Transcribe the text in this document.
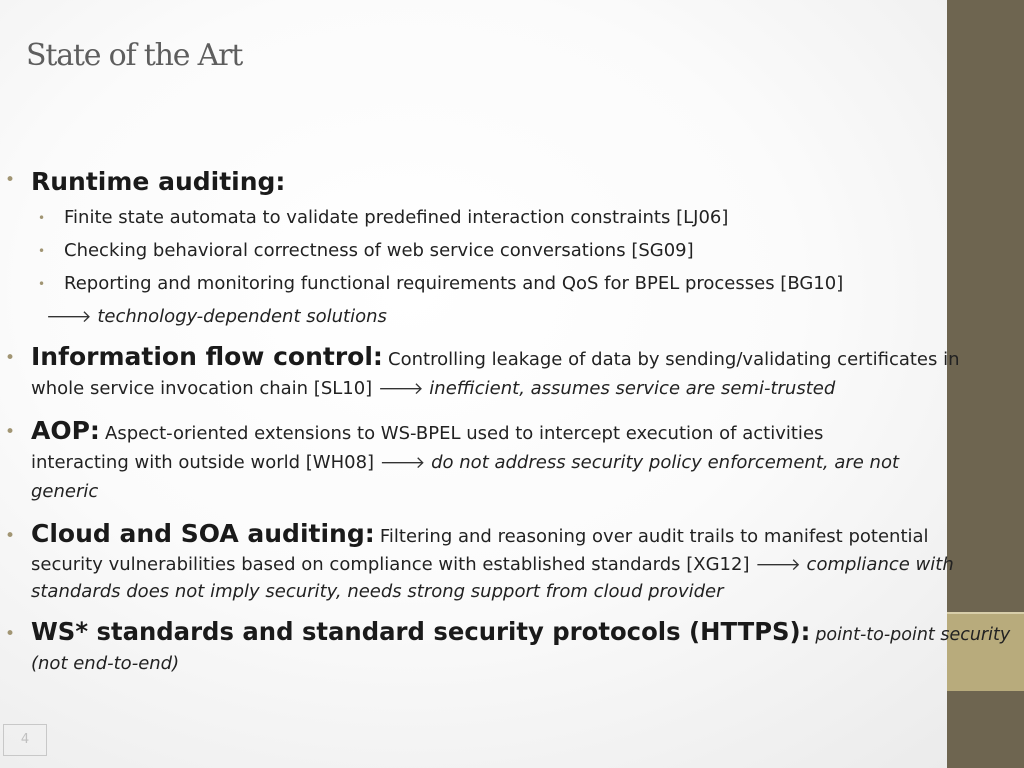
State of the Art
• Runtime auditing:
• Finite state automata to validate predefined interaction constraints [LJ06]
• Checking behavioral correctness of web service conversations [SG09]
• Reporting and monitoring functional requirements and QoS for BPEL processes [BG10]
🡒 technology-dependent solutions
• Information flow control: Controlling leakage of data by sending/validating certificates in
whole service invocation chain [SL10] 🡒 inefficient, assumes service are semi-trusted
• AOP: Aspect-oriented extensions to WS-BPEL used to intercept execution of activities
interacting with outside world [WH08] 🡒 do not address security policy enforcement, are not
generic
• Cloud and SOA auditing: Filtering and reasoning over audit trails to manifest potential
security vulnerabilities based on compliance with established standards [XG12] 🡒 compliance with
standards does not imply security, needs strong support from cloud provider
• WS* standards and standard security protocols (HTTPS): point-to-point security
(not end-to-end)
4
